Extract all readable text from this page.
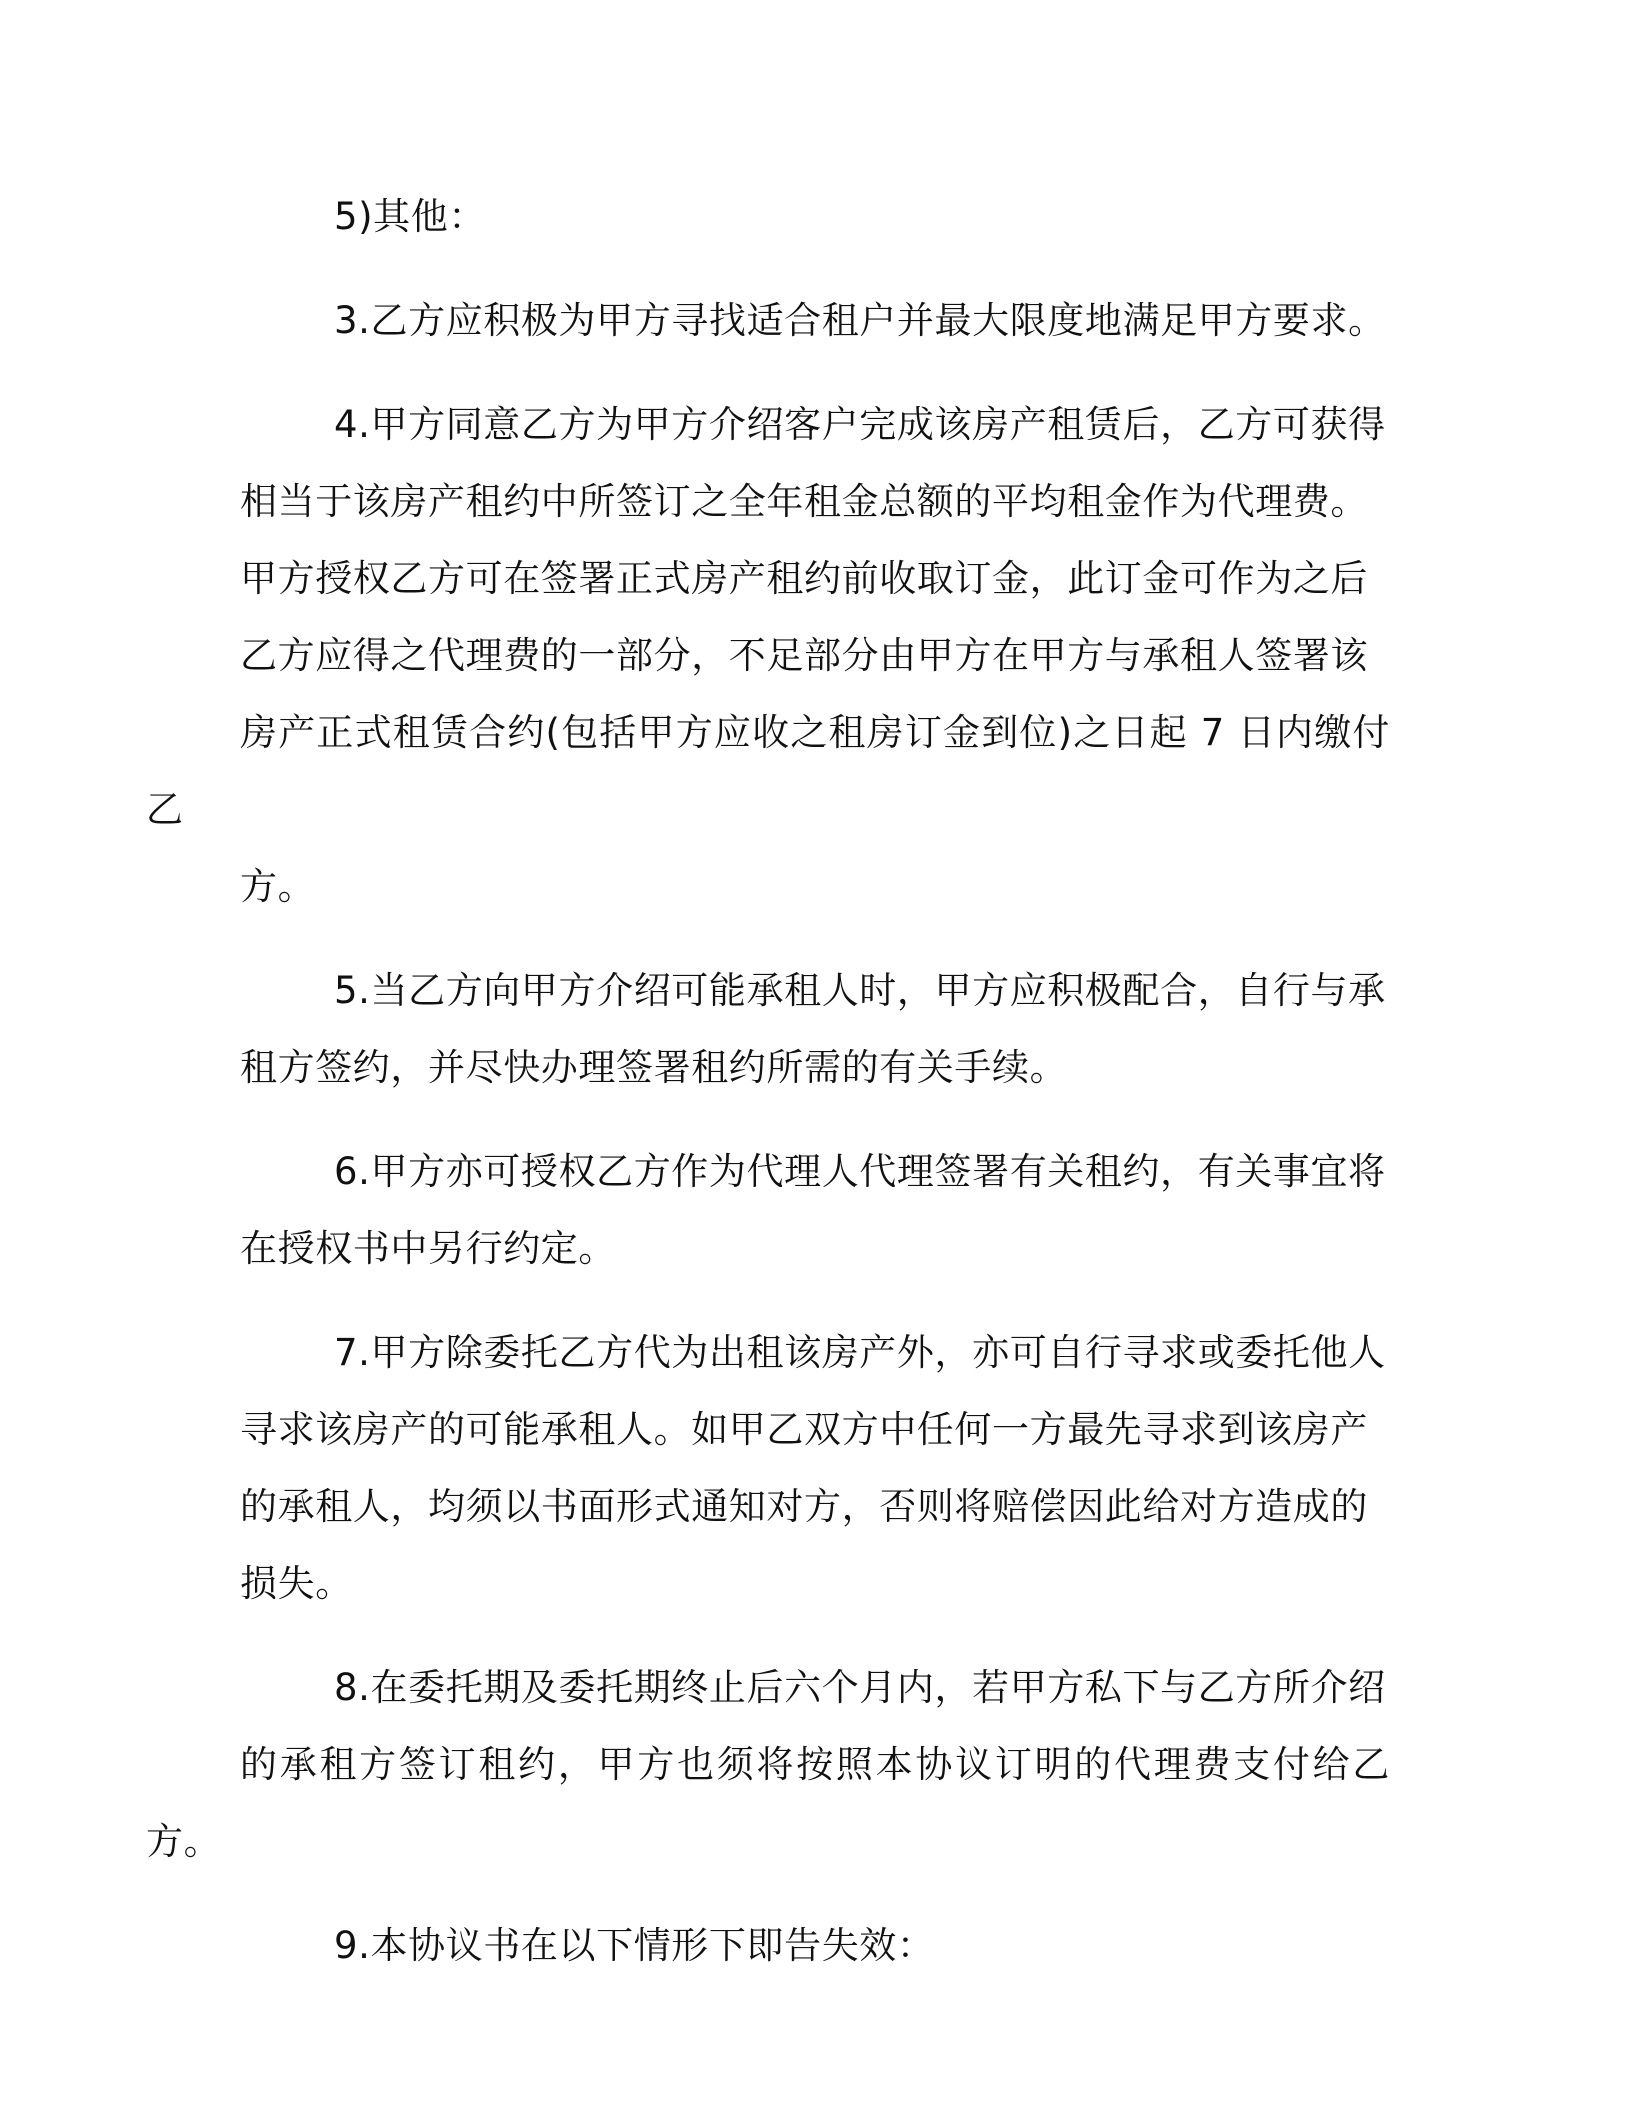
5)其他：

3.乙方应积极为甲方寻找适合租户并最大限度地满足甲方要求。

4.甲方同意乙方为甲方介绍客户完成该房产租赁后，乙方可获得
相当于该房产租约中所签订之全年租金总额的平均租金作为代理费。
甲方授权乙方可在签署正式房产租约前收取订金，此订金可作为之后
乙方应得之代理费的一部分，不足部分由甲方在甲方与承租人签署该
房产正式租赁合约(包括甲方应收之租房订金到位)之日起 7 日内缴付乙
方。

5.当乙方向甲方介绍可能承租人时，甲方应积极配合，自行与承
租方签约，并尽快办理签署租约所需的有关手续。

6.甲方亦可授权乙方作为代理人代理签署有关租约，有关事宜将
在授权书中另行约定。

7.甲方除委托乙方代为出租该房产外，亦可自行寻求或委托他人
寻求该房产的可能承租人。如甲乙双方中任何一方最先寻求到该房产
的承租人，均须以书面形式通知对方，否则将赔偿因此给对方造成的
损失。

8.在委托期及委托期终止后六个月内，若甲方私下与乙方所介绍
的承租方签订租约，甲方也须将按照本协议订明的代理费支付给乙方。

9.本协议书在以下情形下即告失效：
